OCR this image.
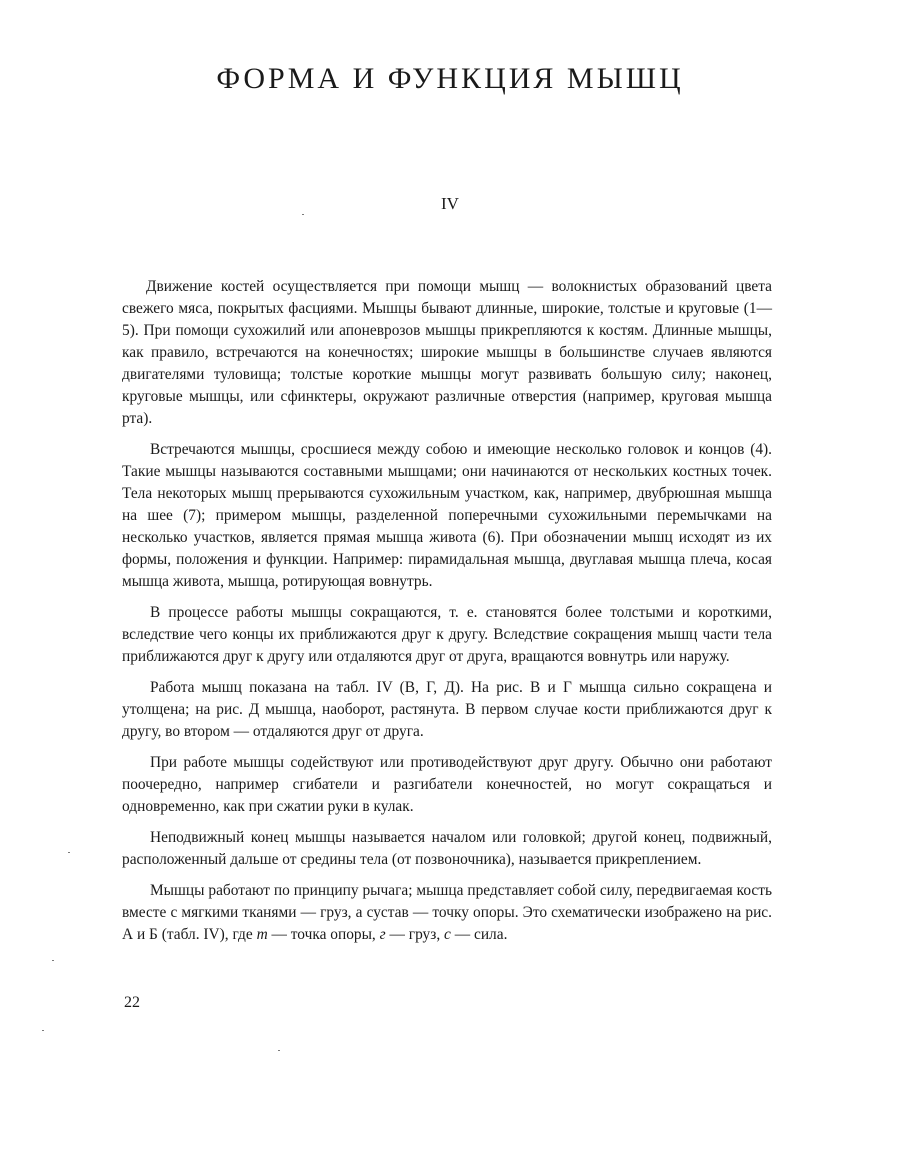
ФОРМА И ФУНКЦИЯ МЫШЦ
IV

Движение костей осуществляется при помощи мышц — волокнистых образований цвета свежего мяса, покрытых фасциями. Мышцы бывают длинные, широкие, толстые и круговые (1—5). При помощи сухожилий или апоневрозов мышцы прикрепляются к костям. Длинные мышцы, как правило, встречаются на конечностях; широкие мышцы в большинстве случаев являются двигателями туловища; толстые короткие мышцы могут развивать большую силу; наконец, круговые мышцы, или сфинктеры, окружают различные отверстия (например, круговая мышца рта).

Встречаются мышцы, сросшиеся между собою и имеющие несколько головок и концов (4). Такие мышцы называются составными мышцами; они начинаются от нескольких костных точек. Тела некоторых мышц прерываются сухожильным участком, как, например, двубрюшная мышца на шее (7); примером мышцы, разделенной поперечными сухожильными перемычками на несколько участков, является прямая мышца живота (6). При обозначении мышц исходят из их формы, положения и функции. Например: пирамидальная мышца, двуглавая мышца плеча, косая мышца живота, мышца, ротирующая вовнутрь.

В процессе работы мышцы сокращаются, т. е. становятся более толстыми и короткими, вследствие чего концы их приближаются друг к другу. Вследствие сокращения мышц части тела приближаются друг к другу или отдаляются друг от друга, вращаются вовнутрь или наружу.

Работа мышц показана на табл. IV (В, Г, Д). На рис. В и Г мышца сильно сокращена и утолщена; на рис. Д мышца, наоборот, растянута. В первом случае кости приближаются друг к другу, во втором — отдаляются друг от друга.

При работе мышцы содействуют или противодействуют друг другу. Обычно они работают поочередно, например сгибатели и разгибатели конечностей, но могут сокращаться и одновременно, как при сжатии руки в кулак.

Неподвижный конец мышцы называется началом или головкой; другой конец, подвижный, расположенный дальше от средины тела (от позвоночника), называется прикреплением.

Мышцы работают по принципу рычага; мышца представляет собой силу, передвигаемая кость вместе с мягкими тканями — груз, а сустав — точку опоры. Это схематически изображено на рис. А и Б (табл. IV), где m — точка опоры, г — груз, c — сила.

22
